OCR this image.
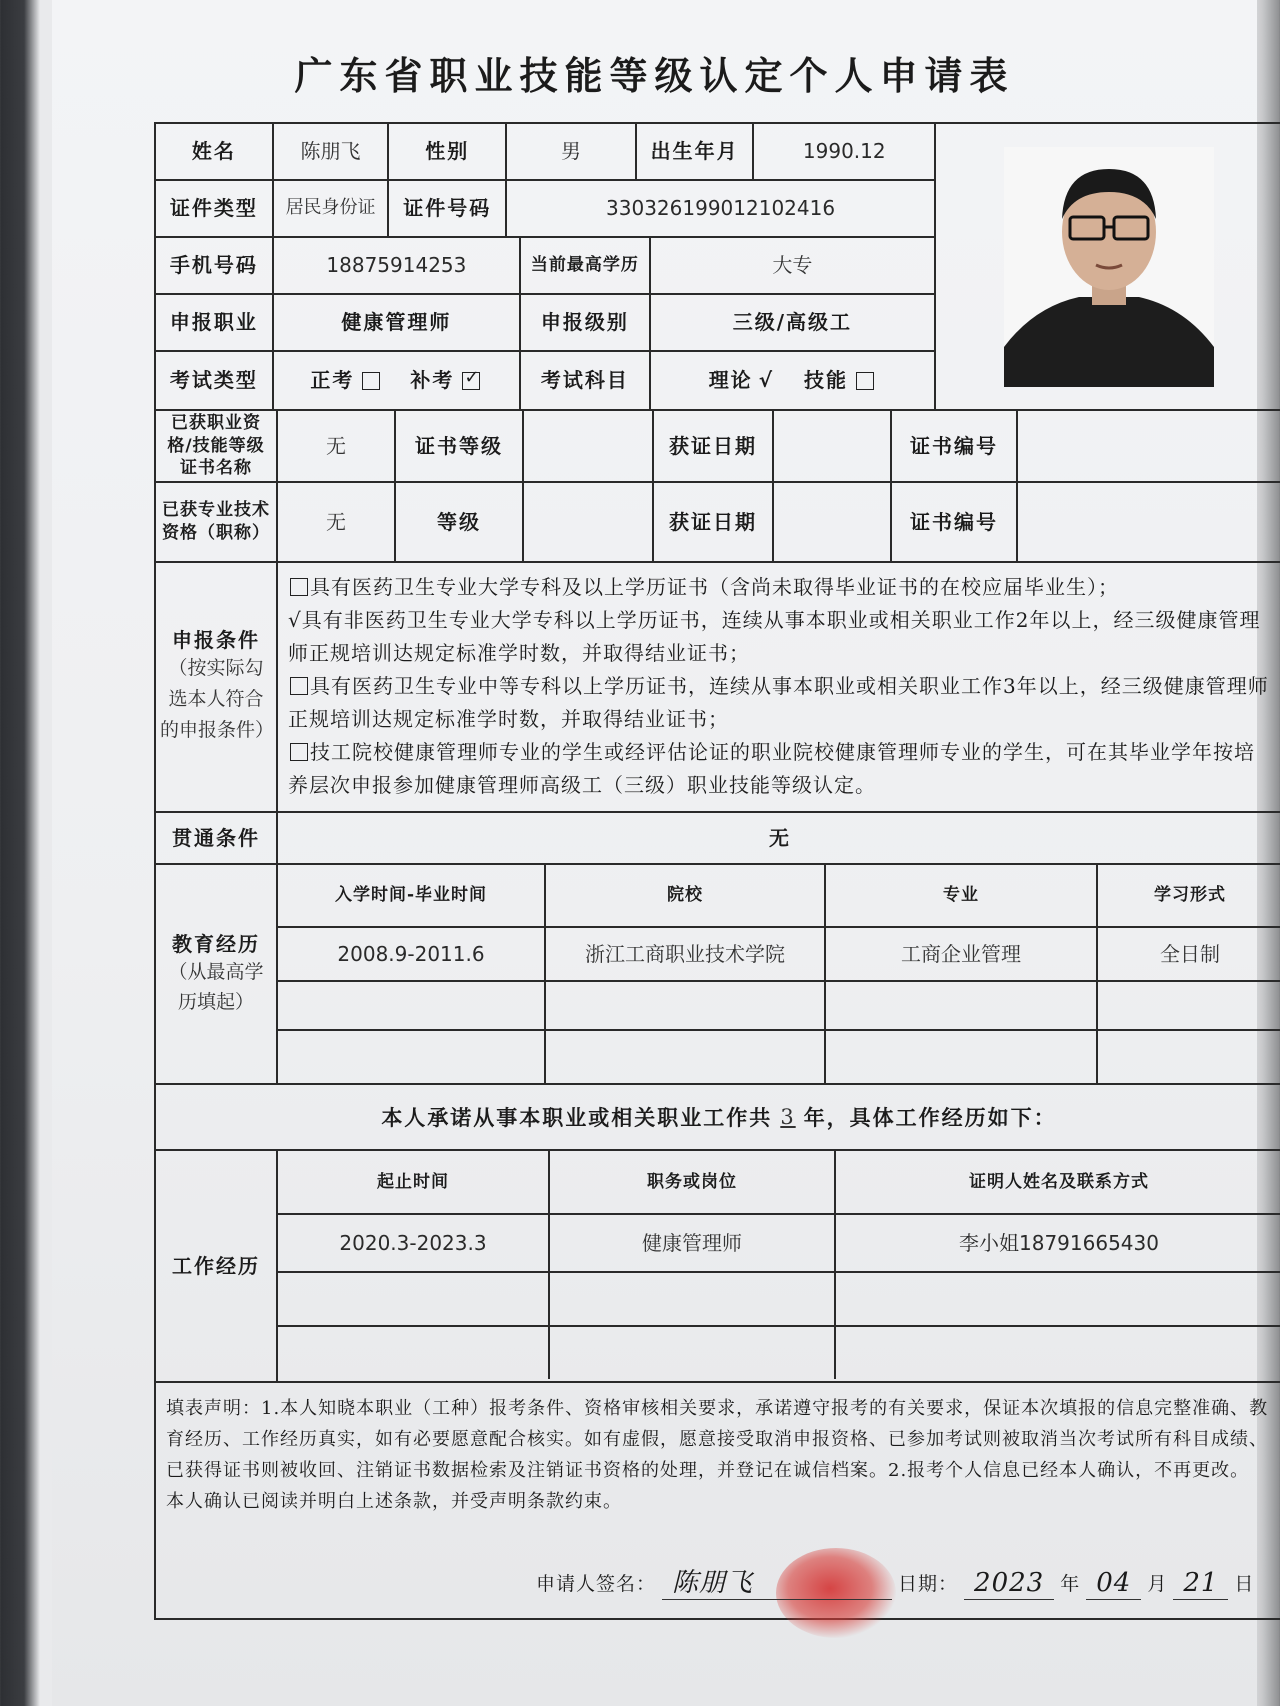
广东省职业技能等级认定个人申请表
姓名	陈朋飞	性别	男	出生年月	1990.12
证件类型	居民身份证	证件号码	330326199012102416
手机号码	18875914253	当前最高学历	大专
申报职业	健康管理师	申报级别	三级/高级工
考试类型	正考	补考
✓	考试科目	理论 √ 技能
已获职业资格/技能等级证书名称
无	证书等级	获证日期	证书编号
已获专业技术资格（职称）	无	等级	获证日期	证书编号
申报条件
（按实际勾选本人符合的申报条件）
具有医药卫生专业大学专科及以上学历证书（含尚未取得毕业证书的在校应届毕业生）；
√具有非医药卫生专业大学专科以上学历证书，连续从事本职业或相关职业工作2年以上，经三级健康管理师正规培训达规定标准学时数，并取得结业证书；
具有医药卫生专业中等专科以上学历证书，连续从事本职业或相关职业工作3年以上，经三级健康管理师正规培训达规定标准学时数，并取得结业证书；
技工院校健康管理师专业的学生或经评估论证的职业院校健康管理师专业的学生，可在其毕业学年按培养层次申报参加健康管理师高级工（三级）职业技能等级认定。
贯通条件	无
教育经历
（从最高学历填起）
入学时间-毕业时间	院校	专业	学习形式
2008.9-2011.6	浙江工商职业技术学院	工商企业管理	全日制
本人承诺从事本职业或相关职业工作共 3 年，具体工作经历如下：
工作经历
起止时间	职务或岗位	证明人姓名及联系方式
2020.3-2023.3	健康管理师	李小姐18791665430
填表声明：1.本人知晓本职业（工种）报考条件、资格审核相关要求，承诺遵守报考的有关要求，保证本次填报的信息完整准确、教育经历、工作经历真实，如有必要愿意配合核实。如有虚假，愿意接受取消申报资格、已参加考试则被取消当次考试所有科目成绩、已获得证书则被收回、注销证书数据检索及注销证书资格的处理，并登记在诚信档案。2.报考个人信息已经本人确认，不再更改。
本人确认已阅读并明白上述条款，并受声明条款约束。
申请人签名： 陈朋飞	日期： 2023 年 04 月 21 日
